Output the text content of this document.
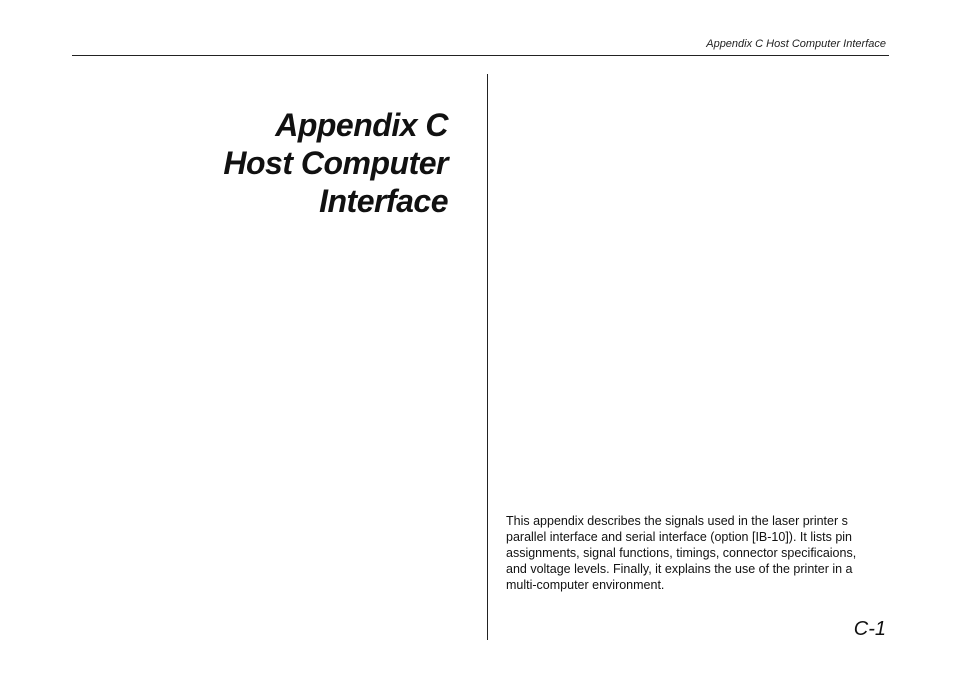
Appendix C Host Computer Interface
Appendix C
Host Computer
Interface

This appendix describes the signals used in the laser printer s parallel interface and serial interface (option [IB-10]). It lists pin assignments, signal functions, timings, connector specificaions, and voltage levels. Finally, it explains the use of the printer in a multi-computer environment.

C-1
